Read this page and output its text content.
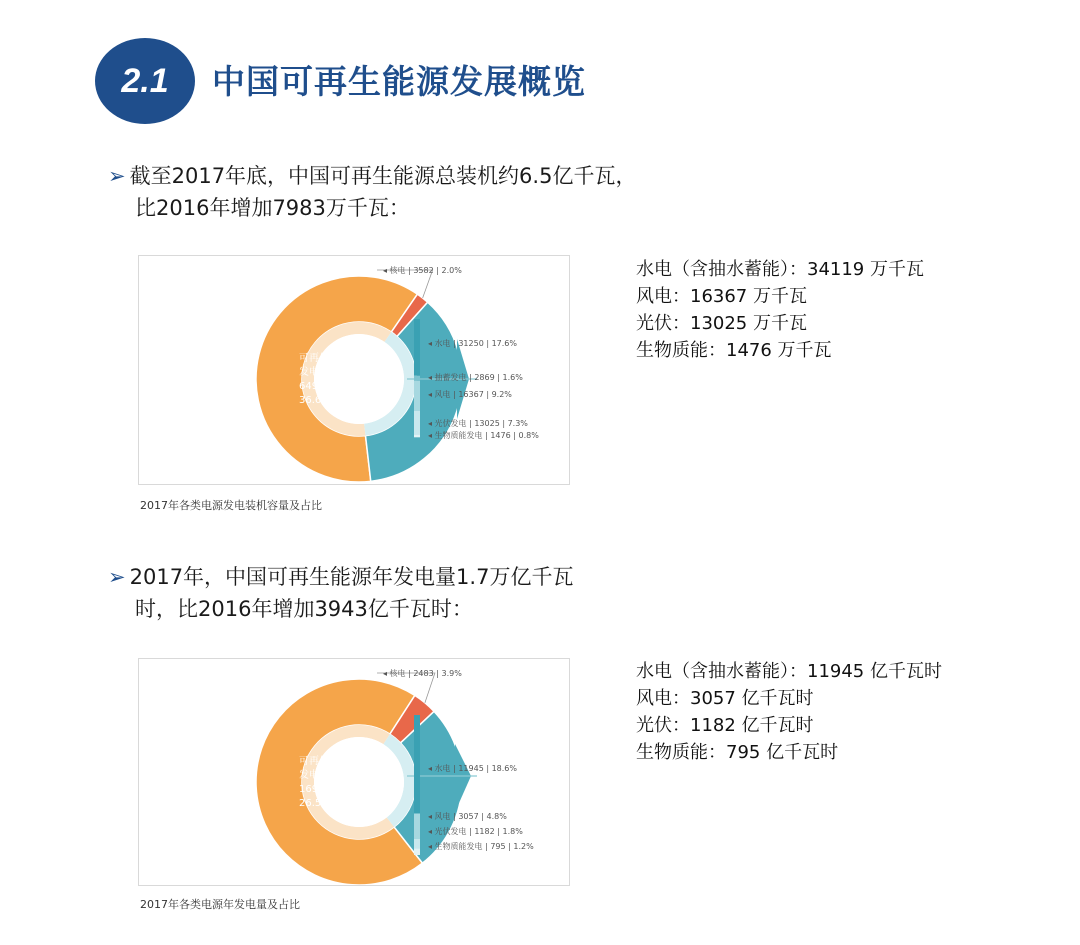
2.1	中国可再生能源发展概览
➢ 截至2017年底，中国可再生能源总装机约6.5亿千瓦，
比2016年增加7983万千瓦：
火电（不含生物质） 109128, 61.4%
可再生能源发电 64987, 36.6%
◂ 核电 | 3582 | 2.0%
◂ 水电 | 31250 | 17.6%
◂ 抽蓄发电 | 2869 | 1.6%
◂ 风电 | 16367 | 9.2%
◂ 光伏发电 | 13025 | 7.3%
◂ 生物质能发电 | 1476 | 0.8%
2017年各类电源发电装机容量及占比
水电（含抽水蓄能）：34119 万千瓦
风电：16367 万千瓦
光伏：13025 万千瓦
生物质能：1476 万千瓦
➢ 2017年，中国可再生能源年发电量1.7万亿千瓦
时，比2016年增加3943亿千瓦时：
火电（不含生物质） 44718, 69.6%
可再生能源发电 16979, 26.5%
◂ 核电 | 2483 | 3.9%
◂ 水电 | 11945 | 18.6%
◂ 风电 | 3057 | 4.8%
◂ 光伏发电 | 1182 | 1.8%
◂ 生物质能发电 | 795 | 1.2%
2017年各类电源年发电量及占比
水电（含抽水蓄能）：11945 亿千瓦时
风电：3057 亿千瓦时
光伏：1182 亿千瓦时
生物质能：795 亿千瓦时
